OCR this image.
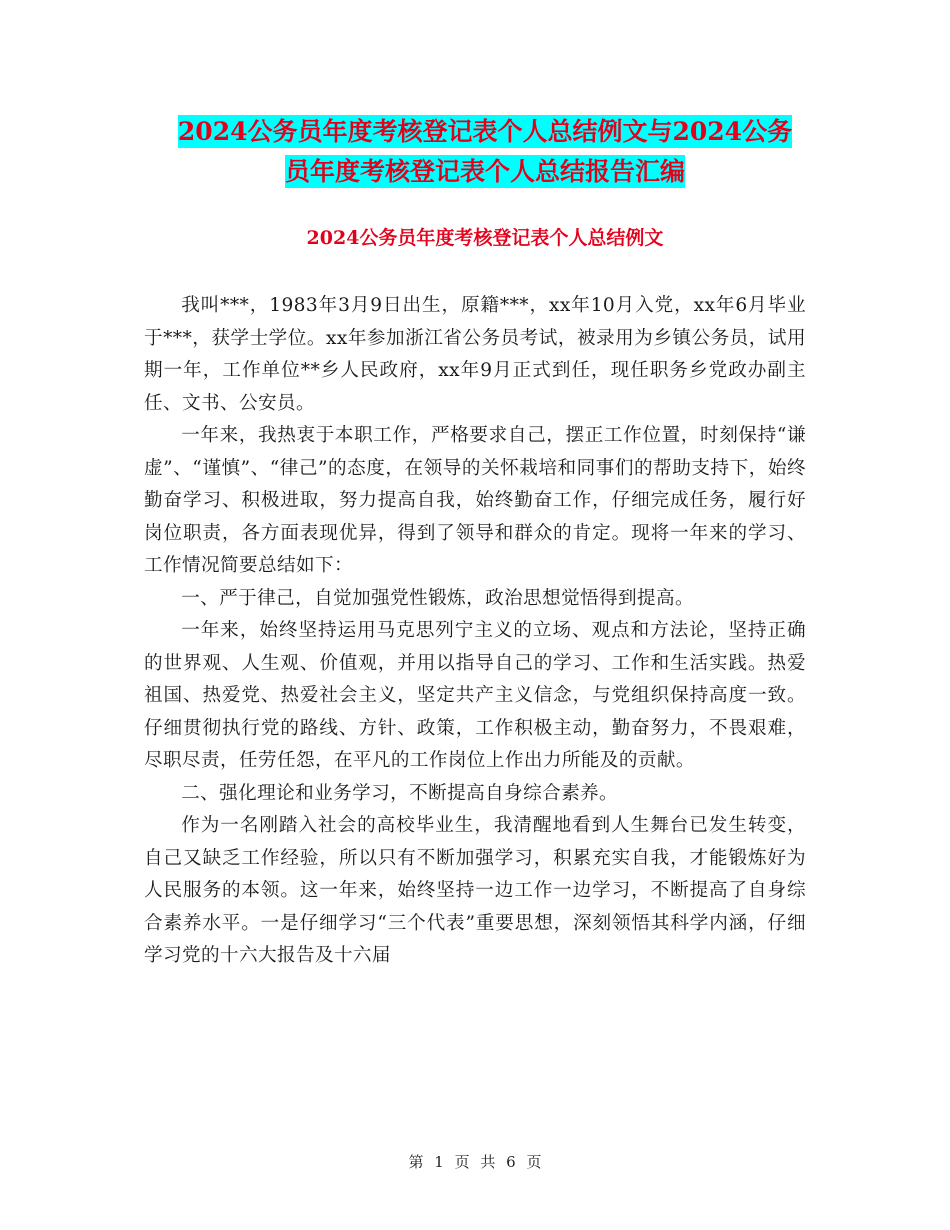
2024公务员年度考核登记表个人总结例文与2024公务
员年度考核登记表个人总结报告汇编
2024公务员年度考核登记表个人总结例文

我叫***，1983年3月9日出生，原籍***，xx年10月入党，xx年6月毕业于***，获学士学位。xx年参加浙江省公务员考试，被录用为乡镇公务员，试用期一年，工作单位**乡人民政府，xx年9月正式到任，现任职务乡党政办副主任、文书、公安员。

一年来，我热衷于本职工作，严格要求自己，摆正工作位置，时刻保持“谦虚”、“谨慎”、“律己”的态度，在领导的关怀栽培和同事们的帮助支持下，始终勤奋学习、积极进取，努力提高自我，始终勤奋工作，仔细完成任务，履行好岗位职责，各方面表现优异，得到了领导和群众的肯定。现将一年来的学习、工作情况简要总结如下：

一、严于律己，自觉加强党性锻炼，政治思想觉悟得到提高。

一年来，始终坚持运用马克思列宁主义的立场、观点和方法论，坚持正确的世界观、人生观、价值观，并用以指导自己的学习、工作和生活实践。热爱祖国、热爱党、热爱社会主义，坚定共产主义信念，与党组织保持高度一致。仔细贯彻执行党的路线、方针、政策，工作积极主动，勤奋努力，不畏艰难，尽职尽责，任劳任怨，在平凡的工作岗位上作出力所能及的贡献。

二、强化理论和业务学习，不断提高自身综合素养。

作为一名刚踏入社会的高校毕业生，我清醒地看到人生舞台已发生转变，自己又缺乏工作经验，所以只有不断加强学习，积累充实自我，才能锻炼好为人民服务的本领。这一年来，始终坚持一边工作一边学习，不断提高了自身综合素养水平。一是仔细学习“三个代表”重要思想，深刻领悟其科学内涵，仔细学习党的十六大报告及十六届

第 1 页 共 6 页
